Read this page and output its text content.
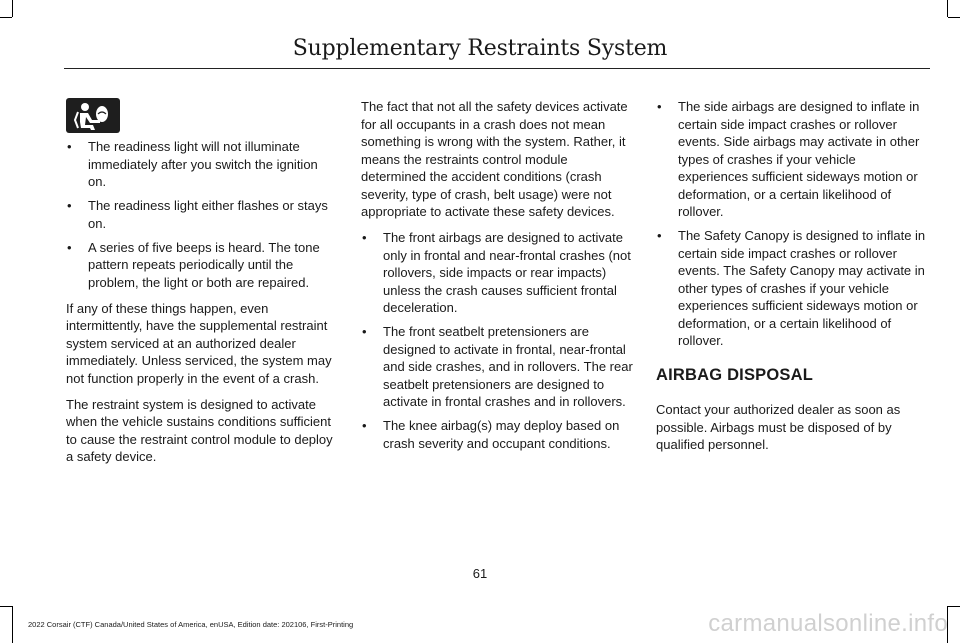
Supplementary Restraints System
• The readiness light will not illuminate immediately after you switch the ignition on.
• The readiness light either flashes or stays on.
• A series of five beeps is heard. The tone pattern repeats periodically until the problem, the light or both are repaired.

If any of these things happen, even intermittently, have the supplemental restraint system serviced at an authorized dealer immediately. Unless serviced, the system may not function properly in the event of a crash.

The restraint system is designed to activate when the vehicle sustains conditions sufficient to cause the restraint control module to deploy a safety device.

The fact that not all the safety devices activate for all occupants in a crash does not mean something is wrong with the system. Rather, it means the restraints control module determined the accident conditions (crash severity, type of crash, belt usage) were not appropriate to activate these safety devices.

• The front airbags are designed to activate only in frontal and near-frontal crashes (not rollovers, side impacts or rear impacts) unless the crash causes sufficient frontal deceleration.
• The front seatbelt pretensioners are designed to activate in frontal, near-frontal and side crashes, and in rollovers. The rear seatbelt pretensioners are designed to activate in frontal crashes and in rollovers.
• The knee airbag(s) may deploy based on crash severity and occupant conditions.
• The side airbags are designed to inflate in certain side impact crashes or rollover events. Side airbags may activate in other types of crashes if your vehicle experiences sufficient sideways motion or deformation, or a certain likelihood of rollover.
• The Safety Canopy is designed to inflate in certain side impact crashes or rollover events. The Safety Canopy may activate in other types of crashes if your vehicle experiences sufficient sideways motion or deformation, or a certain likelihood of rollover.
AIRBAG DISPOSAL

Contact your authorized dealer as soon as possible. Airbags must be disposed of by qualified personnel.

61
2022 Corsair (CTF) Canada/United States of America, enUSA, Edition date: 202106, First-Printing	carmanualsonline.info
